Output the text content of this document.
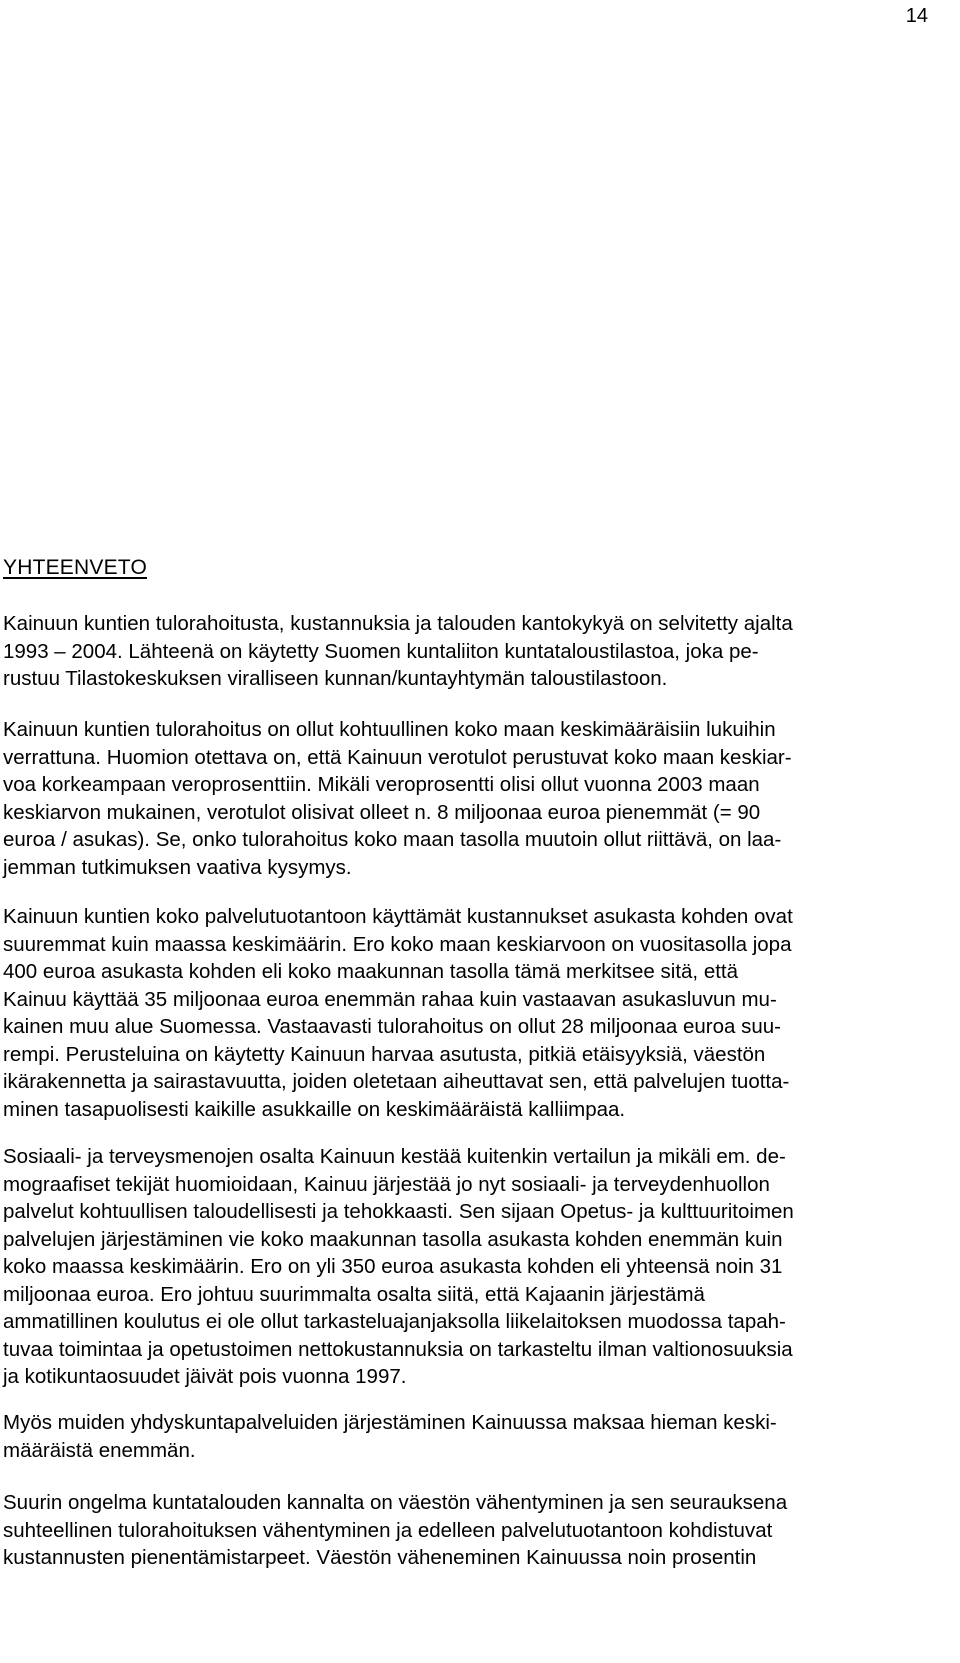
14
YHTEENVETO
Kainuun kuntien tulorahoitusta, kustannuksia ja talouden kantokykyä on selvitetty ajalta
1993 – 2004. Lähteenä on käytetty Suomen kuntaliiton kuntataloustilastoa, joka pe-
rustuu Tilastokeskuksen viralliseen kunnan/kuntayhtymän taloustilastoon.
Kainuun kuntien tulorahoitus on ollut kohtuullinen koko maan keskimääräisiin lukuihin
verrattuna. Huomion otettava on, että Kainuun verotulot perustuvat koko maan keskiar-
voa korkeampaan veroprosenttiin. Mikäli veroprosentti olisi ollut vuonna 2003 maan
keskiarvon mukainen, verotulot olisivat olleet n. 8 miljoonaa euroa pienemmät (= 90
euroa / asukas). Se, onko tulorahoitus koko maan tasolla muutoin ollut riittävä, on laa-
jemman tutkimuksen vaativa kysymys.
Kainuun kuntien koko palvelutuotantoon käyttämät kustannukset asukasta kohden ovat
suuremmat kuin maassa keskimäärin. Ero koko maan keskiarvoon on vuositasolla jopa
400 euroa asukasta kohden eli koko maakunnan tasolla tämä merkitsee sitä, että
Kainuu käyttää 35 miljoonaa euroa enemmän rahaa kuin vastaavan asukasluvun mu-
kainen muu alue Suomessa. Vastaavasti tulorahoitus on ollut 28 miljoonaa euroa suu-
rempi. Perusteluina on käytetty Kainuun harvaa asutusta, pitkiä etäisyyksiä, väestön
ikärakennetta ja sairastavuutta, joiden oletetaan aiheuttavat sen, että palvelujen tuotta-
minen tasapuolisesti kaikille asukkaille on keskimääräistä kalliimpaa.
Sosiaali- ja terveysmenojen osalta Kainuun kestää kuitenkin vertailun ja mikäli em. de-
mograafiset tekijät huomioidaan, Kainuu järjestää jo nyt sosiaali- ja terveydenhuollon
palvelut kohtuullisen taloudellisesti ja tehokkaasti. Sen sijaan Opetus- ja kulttuuritoimen
palvelujen järjestäminen vie koko maakunnan tasolla asukasta kohden enemmän kuin
koko maassa keskimäärin. Ero on yli 350 euroa asukasta kohden eli yhteensä noin 31
miljoonaa euroa. Ero johtuu suurimmalta osalta siitä, että Kajaanin järjestämä
ammatillinen koulutus ei ole ollut tarkasteluajanjaksolla liikelaitoksen muodossa tapah-
tuvaa toimintaa ja opetustoimen nettokustannuksia on tarkasteltu ilman valtionosuuksia
ja kotikuntaosuudet jäivät pois vuonna 1997.
Myös muiden yhdyskuntapalveluiden järjestäminen Kainuussa maksaa hieman keski-
määräistä enemmän.
Suurin ongelma kuntatalouden kannalta on väestön vähentyminen ja sen seurauksena
suhteellinen tulorahoituksen vähentyminen ja edelleen palvelutuotantoon kohdistuvat
kustannusten pienentämistarpeet. Väestön väheneminen Kainuussa noin prosentin
